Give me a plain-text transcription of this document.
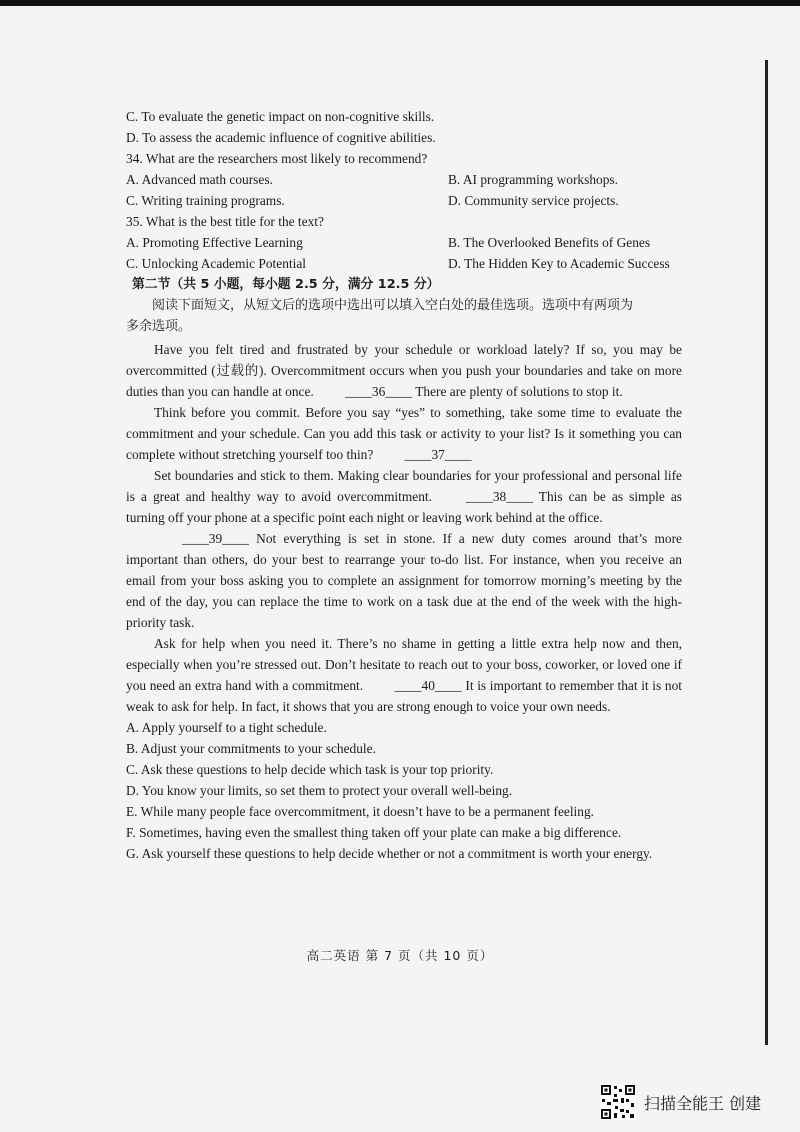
C. To evaluate the genetic impact on non-cognitive skills.
D. To assess the academic influence of cognitive abilities.
34. What are the researchers most likely to recommend?
A. Advanced math courses.	B. AI programming workshops.
C. Writing training programs.	D. Community service projects.
35. What is the best title for the text?
A. Promoting Effective Learning	B. The Overlooked Benefits of Genes
C. Unlocking Academic Potential	D. The Hidden Key to Academic Success
第二节（共 5 小题，每小题 2.5 分，满分 12.5 分）
阅读下面短文，从短文后的选项中选出可以填入空白处的最佳选项。选项中有两项为
多余选项。

Have you felt tired and frustrated by your schedule or workload lately? If so, you may be overcommitted (过载的). Overcommitment occurs when you push your boundaries and take on more duties than you can handle at once. ____36____ There are plenty of solutions to stop it.

Think before you commit. Before you say “yes” to something, take some time to evaluate the commitment and your schedule. Can you add this task or activity to your list? Is it something you can complete without stretching yourself too thin? ____37____

Set boundaries and stick to them. Making clear boundaries for your professional and personal life is a great and healthy way to avoid overcommitment.	____38____ This can be as simple as turning off your phone at a specific point each night or leaving work behind at the office.

____39____ Not everything is set in stone. If a new duty comes around that’s more important than others, do your best to rearrange your to-do list. For instance, when you receive an email from your boss asking you to complete an assignment for tomorrow morning’s meeting by the end of the day, you can replace the time to work on a task due at the end of the week with the high-priority task.

Ask for help when you need it. There’s no shame in getting a little extra help now and then, especially when you’re stressed out. Don’t hesitate to reach out to your boss, coworker, or loved one if you need an extra hand with a commitment. ____40____ It is important to remember that it is not weak to ask for help. In fact, it shows that you are strong enough to voice your own needs.

A. Apply yourself to a tight schedule.
B. Adjust your commitments to your schedule.
C. Ask these questions to help decide which task is your top priority.
D. You know your limits, so set them to protect your overall well-being.
E. While many people face overcommitment, it doesn’t have to be a permanent feeling.
F. Sometimes, having even the smallest thing taken off your plate can make a big difference.
G. Ask yourself these questions to help decide whether or not a commitment is worth your energy.
高二英语 第 7 页（共 10 页）
扫描全能王 创建
